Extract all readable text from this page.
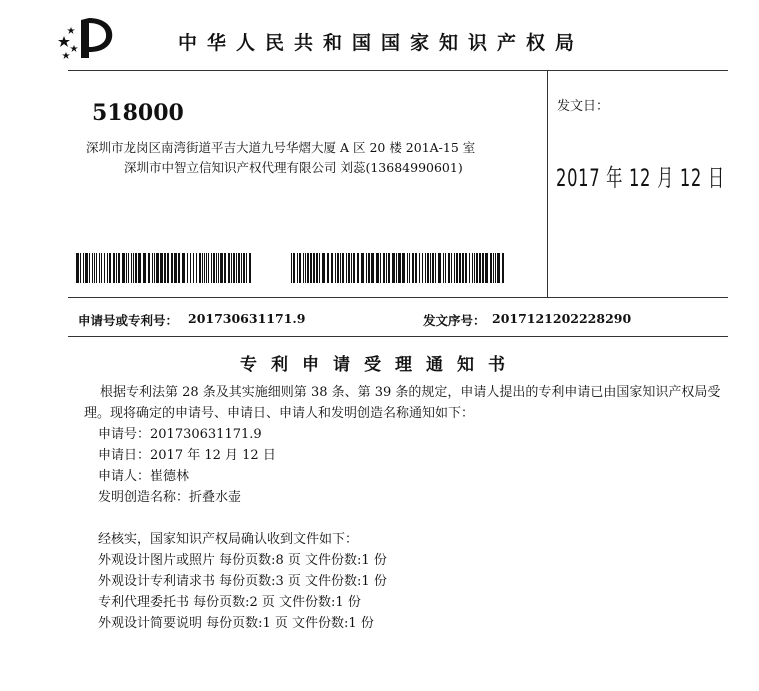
中华人民共和国国家知识产权局
518000
深圳市龙岗区南湾街道平吉大道九号华熠大厦 A 区 20 楼 201A-15 室
深圳市中智立信知识产权代理有限公司 刘蕊(13684990601)
发文日：
2017 年 12 月 12 日
申请号或专利号： 201730631171.9	发文序号： 2017121202228290
专利申请受理通知书

根据专利法第 28 条及其实施细则第 38 条、第 39 条的规定，申请人提出的专利申请已由国家知识产权局受理。现将确定的申请号、申请日、申请人和发明创造名称通知如下：

申请号：201730631171.9
申请日：2017 年 12 月 12 日
申请人：崔德林
发明创造名称：折叠水壶
经核实，国家知识产权局确认收到文件如下：
外观设计图片或照片 每份页数:8 页 文件份数:1 份
外观设计专利请求书 每份页数:3 页 文件份数:1 份
专利代理委托书 每份页数:2 页 文件份数:1 份
外观设计简要说明 每份页数:1 页 文件份数:1 份
